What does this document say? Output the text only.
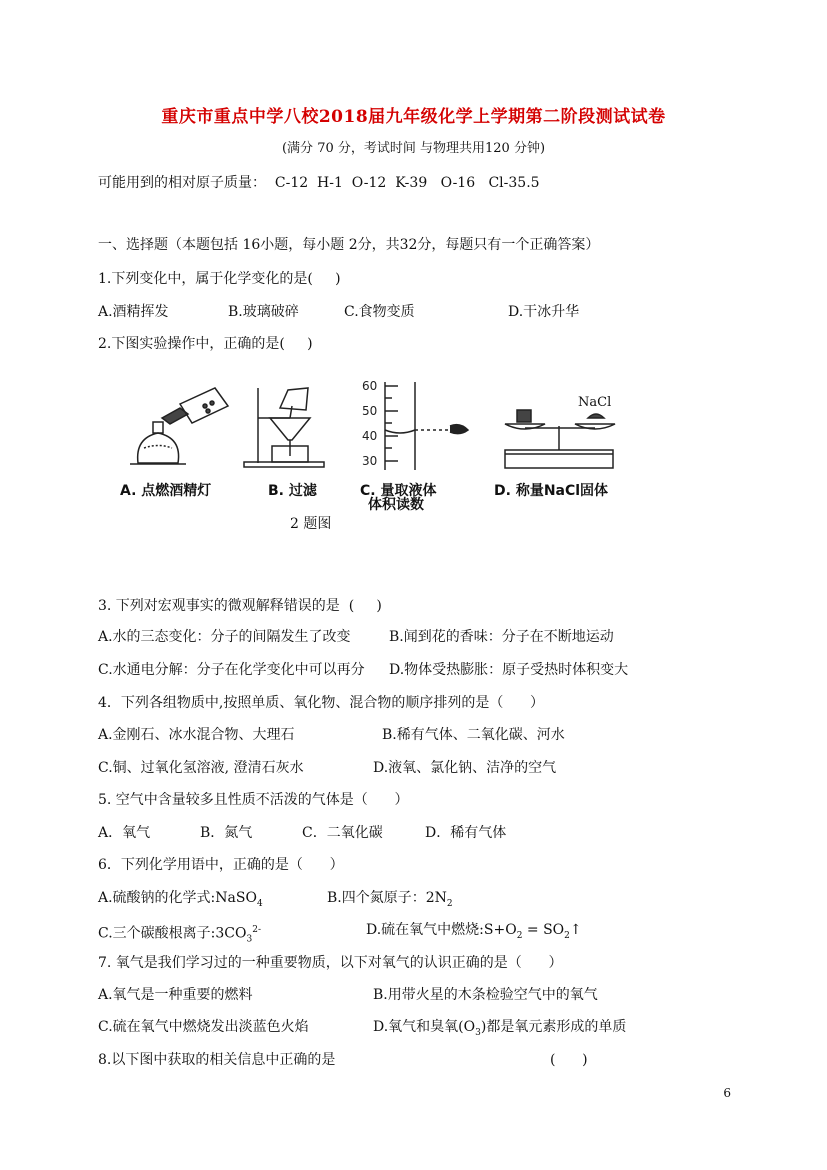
重庆市重点中学八校2018届九年级化学上学期第二阶段测试试卷
(满分 70 分，考试时间 与物理共用120 分钟)
可能用到的相对原子质量：  C-12  H-1  O-12  K-39   O-16   Cl-35.5
一、选择题（本题包括 16小题，每小题 2分，共32分，每题只有一个正确答案）
1.下列变化中，属于化学变化的是(     )
A.酒精挥发	B.玻璃破碎	C.食物变质	D.干冰升华
2.下图实验操作中，正确的是(     )
60
50
40
30
NaCl
A. 点燃酒精灯	B. 过滤	C. 量取液体
体积读数
D. 称量NaCl固体
2 题图
3. 下列对宏观事实的微观解释错误的是  (     )
A.水的三态变化：分子的间隔发生了改变	B.闻到花的香味：分子在不断地运动
C.水通电分解：分子在化学变化中可以再分 D.物体受热膨胀：原子受热时体积变大
4．下列各组物质中,按照单质、氧化物、混合物的顺序排列的是（      ）
A.金刚石、冰水混合物、大理石	B.稀有气体、二氧化碳、河水
C.铜、过氧化氢溶液, 澄清石灰水	D.液氧、氯化钠、洁净的空气
5. 空气中含量较多且性质不活泼的气体是（      ）
A．氧气	B．氮气	C．二氧化碳	D．稀有气体
6．下列化学用语中，正确的是（      ）
A.硫酸钠的化学式:NaSO$_4$	B.四个氮原子：$2N_2$
C.三个碳酸根离子$:3CO_3^{2-}$	D.硫在氧气中燃烧$:S+O_2$ = $SO_2↑$
7. 氧气是我们学习过的一种重要物质，以下对氧气的认识正确的是（      ）
A.氧气是一种重要的燃料	B.用带火星的木条检验空气中的氧气
C.硫在氧气中燃烧发出淡蓝色火焰	D.氧气和臭氧$(O_3)$都是氧元素形成的单质
8.以下图中获取的相关信息中正确的是	(      )
6
